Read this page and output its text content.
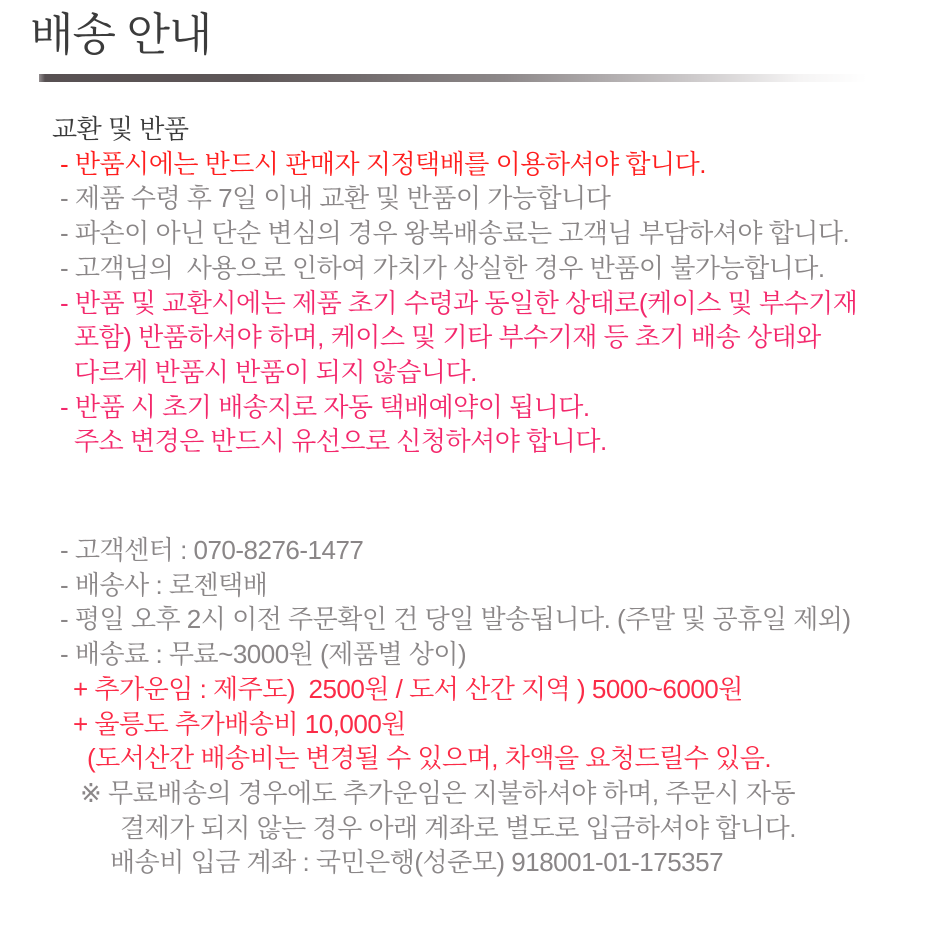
배송 안내
교환 및 반품
- 반품시에는 반드시 판매자 지정택배를 이용하셔야 합니다.
- 제품 수령 후 7일 이내 교환 및 반품이 가능합니다
- 파손이 아닌 단순 변심의 경우 왕복배송료는 고객님 부담하셔야 합니다.
- 고객님의  사용으로 인하여 가치가 상실한 경우 반품이 불가능합니다.
- 반품 및 교환시에는 제품 초기 수령과 동일한 상태로(케이스 및 부수기재
포함) 반품하셔야 하며, 케이스 및 기타 부수기재 등 초기 배송 상태와
다르게 반품시 반품이 되지 않습니다.
- 반품 시 초기 배송지로 자동 택배예약이 됩니다.
주소 변경은 반드시 유선으로 신청하셔야 합니다.
- 고객센터 : 070-8276-1477
- 배송사 : 로젠택배
- 평일 오후 2시 이전 주문확인 건 당일 발송됩니다. (주말 및 공휴일 제외)
- 배송료 : 무료~3000원 (제품별 상이)
+ 추가운임 : 제주도)  2500원 / 도서 산간 지역 ) 5000~6000원
+ 울릉도 추가배송비 10,000원
(도서산간 배송비는 변경될 수 있으며, 차액을 요청드릴수 있음.
※ 무료배송의 경우에도 추가운임은 지불하셔야 하며, 주문시 자동
결제가 되지 않는 경우 아래 계좌로 별도로 입금하셔야 합니다.
배송비 입금 계좌 : 국민은행(성준모) 918001-01-175357
